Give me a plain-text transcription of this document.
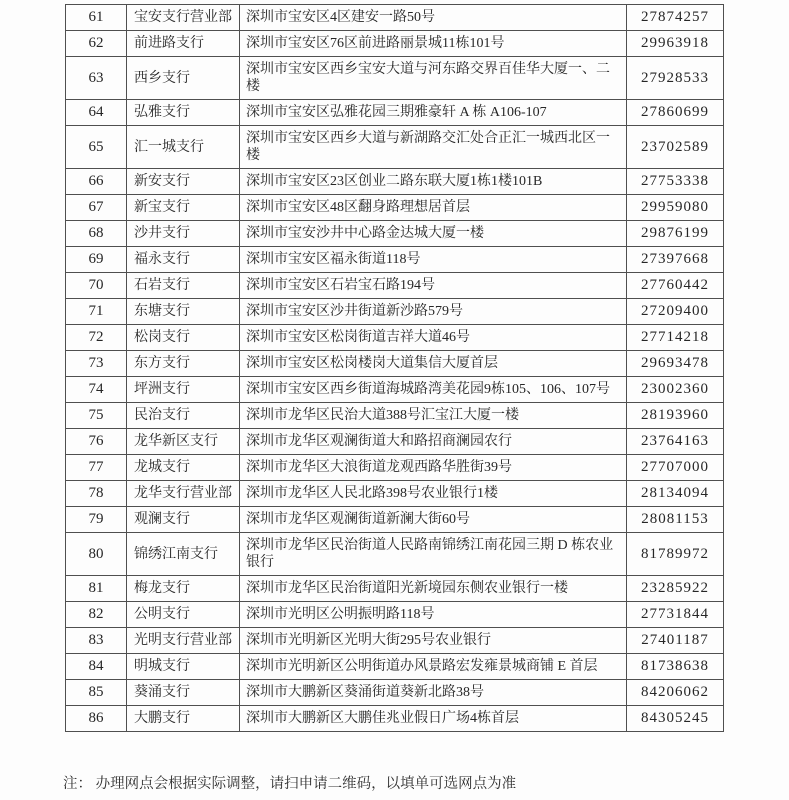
61	宝安支行营业部	深圳市宝安区4区建安一路50号	27874257
62	前进路支行	深圳市宝安区76区前进路丽景城11栋101号	29963918
63	西乡支行	深圳市宝安区西乡宝安大道与河东路交界百佳华大厦一、二楼	27928533
64	弘雅支行	深圳市宝安区弘雅花园三期雅豪轩 A 栋 A106-107	27860699
65	汇一城支行	深圳市宝安区西乡大道与新湖路交汇处合正汇一城西北区一楼	23702589
66	新安支行	深圳市宝安区23区创业二路东联大厦1栋1楼101B	27753338
67	新宝支行	深圳市宝安区48区翻身路理想居首层	29959080
68	沙井支行	深圳市宝安沙井中心路金达城大厦一楼	29876199
69	福永支行	深圳市宝安区福永街道118号	27397668
70	石岩支行	深圳市宝安区石岩宝石路194号	27760442
71	东塘支行	深圳市宝安区沙井街道新沙路579号	27209400
72	松岗支行	深圳市宝安区松岗街道吉祥大道46号	27714218
73	东方支行	深圳市宝安区松岗楼岗大道集信大厦首层	29693478
74	坪洲支行	深圳市宝安区西乡街道海城路湾美花园9栋105、106、107号	23002360
75	民治支行	深圳市龙华区民治大道388号汇宝江大厦一楼	28193960
76	龙华新区支行	深圳市龙华区观澜街道大和路招商澜园农行	23764163
77	龙城支行	深圳市龙华区大浪街道龙观西路华胜街39号	27707000
78	龙华支行营业部	深圳市龙华区人民北路398号农业银行1楼	28134094
79	观澜支行	深圳市龙华区观澜街道新澜大街60号	28081153
80	锦绣江南支行	深圳市龙华区民治街道人民路南锦绣江南花园三期 D 栋农业银行	81789972
81	梅龙支行	深圳市龙华区民治街道阳光新境园东侧农业银行一楼	23285922
82	公明支行	深圳市光明区公明振明路118号	27731844
83	光明支行营业部	深圳市光明新区光明大街295号农业银行	27401187
84	明城支行	深圳市光明新区公明街道办风景路宏发雍景城商铺 E 首层	81738638
85	葵涌支行	深圳市大鹏新区葵涌街道葵新北路38号	84206062
86	大鹏支行	深圳市大鹏新区大鹏佳兆业假日广场4栋首层	84305245

注： 办理网点会根据实际调整，请扫申请二维码，以填单可选网点为准
